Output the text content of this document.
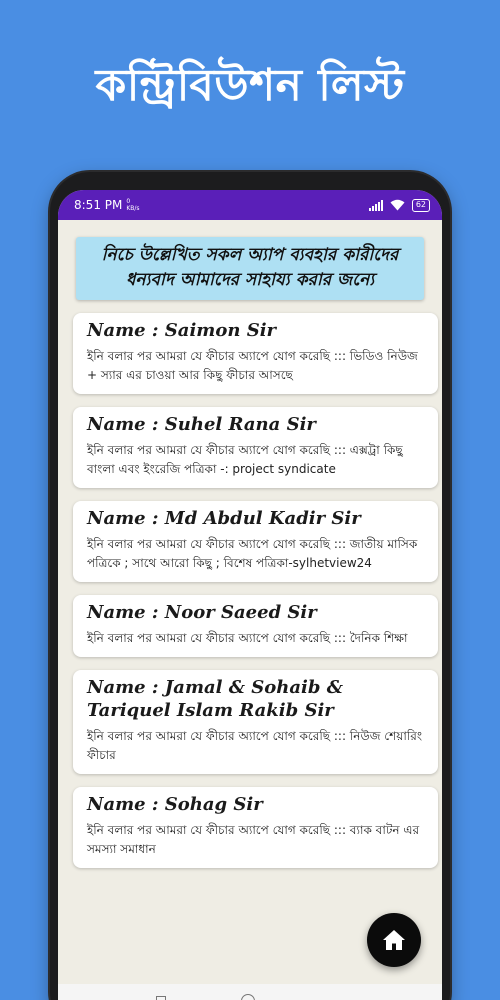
কন্ট্রিবিউশন লিস্ট
8:51 PM 0
KB/s	62
নিচে উল্লেখিত সকল অ্যাপ ব্যবহার কারীদের ধন্যবাদ আমাদের সাহায্য করার জন্যে
Name : Saimon Sir
ইনি বলার পর আমরা যে ফীচার অ্যাপে যোগ করেছি ::: ভিডিও নিউজ + স্যার এর চাওয়া আর কিছু ফীচার আসছে
Name : Suhel Rana Sir
ইনি বলার পর আমরা যে ফীচার অ্যাপে যোগ করেছি ::: এক্সট্রা কিছু বাংলা এবং ইংরেজি পত্রিকা -: project syndicate
Name : Md Abdul Kadir Sir
ইনি বলার পর আমরা যে ফীচার অ্যাপে যোগ করেছি ::: জাতীয় মাসিক পত্রিকে ; সাথে আরো কিছু ; বিশেষ পত্রিকা-sylhetview24
Name : Noor Saeed Sir
ইনি বলার পর আমরা যে ফীচার অ্যাপে যোগ করেছি ::: দৈনিক শিক্ষা
Name : Jamal & Sohaib & Tariquel Islam Rakib Sir
ইনি বলার পর আমরা যে ফীচার অ্যাপে যোগ করেছি ::: নিউজ শেয়ারিং ফীচার
Name : Sohag Sir
ইনি বলার পর আমরা যে ফীচার অ্যাপে যোগ করেছি ::: ব্যাক বাটন এর সমস্যা সমাধান
